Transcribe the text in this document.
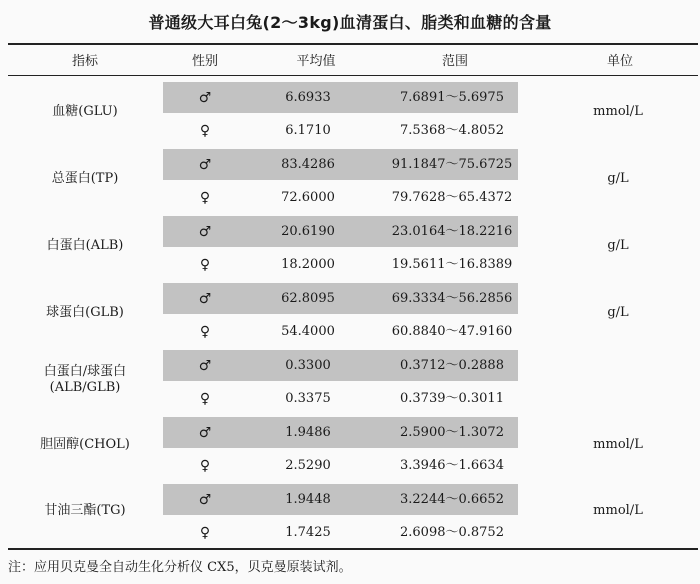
普通级大耳白兔(2～3kg)血清蛋白、脂类和血糖的含量
指标	性别	平均值	范围	单位
血糖(GLU)	mmol/L
♂	6.6933	7.6891～5.6975
♀	6.1710	7.5368～4.8052
总蛋白(TP)	g/L
♂	83.4286	91.1847～75.6725
♀	72.6000	79.7628～65.4372
白蛋白(ALB)	g/L
♂	20.6190	23.0164～18.2216
♀	18.2000	19.5611～16.8389
球蛋白(GLB)	g/L
♂	62.8095	69.3334～56.2856
♀	54.4000	60.8840～47.9160
白蛋白/球蛋白
(ALB/GLB)
♂	0.3300	0.3712～0.2888
♀	0.3375	0.3739～0.3011
胆固醇(CHOL)	mmol/L
♂	1.9486	2.5900～1.3072
♀	2.5290	3.3946～1.6634
甘油三酯(TG)	mmol/L
♂	1.9448	3.2244～0.6652
♀	1.7425	2.6098～0.8752
注：应用贝克曼全自动生化分析仪 CX5，贝克曼原装试剂。
